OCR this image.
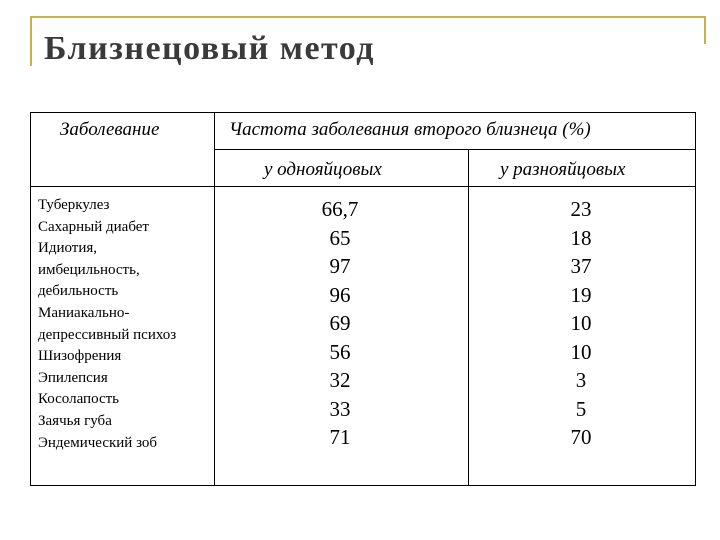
Близнецовый метод
Заболевание	Частота заболевания второго близнеца (%)
у однояйцовых	у разнояйцовых
Туберкулез
Сахарный диабет
Идиотия,
имбецильность,
дебильность
Маниакально-
депрессивный психоз
Шизофрения
Эпилепсия
Косолапость
Заячья губа
Эндемический зоб
66,7
65
97
96
69
56
32
33
71
23
18
37
19
10
10
3
5
70
